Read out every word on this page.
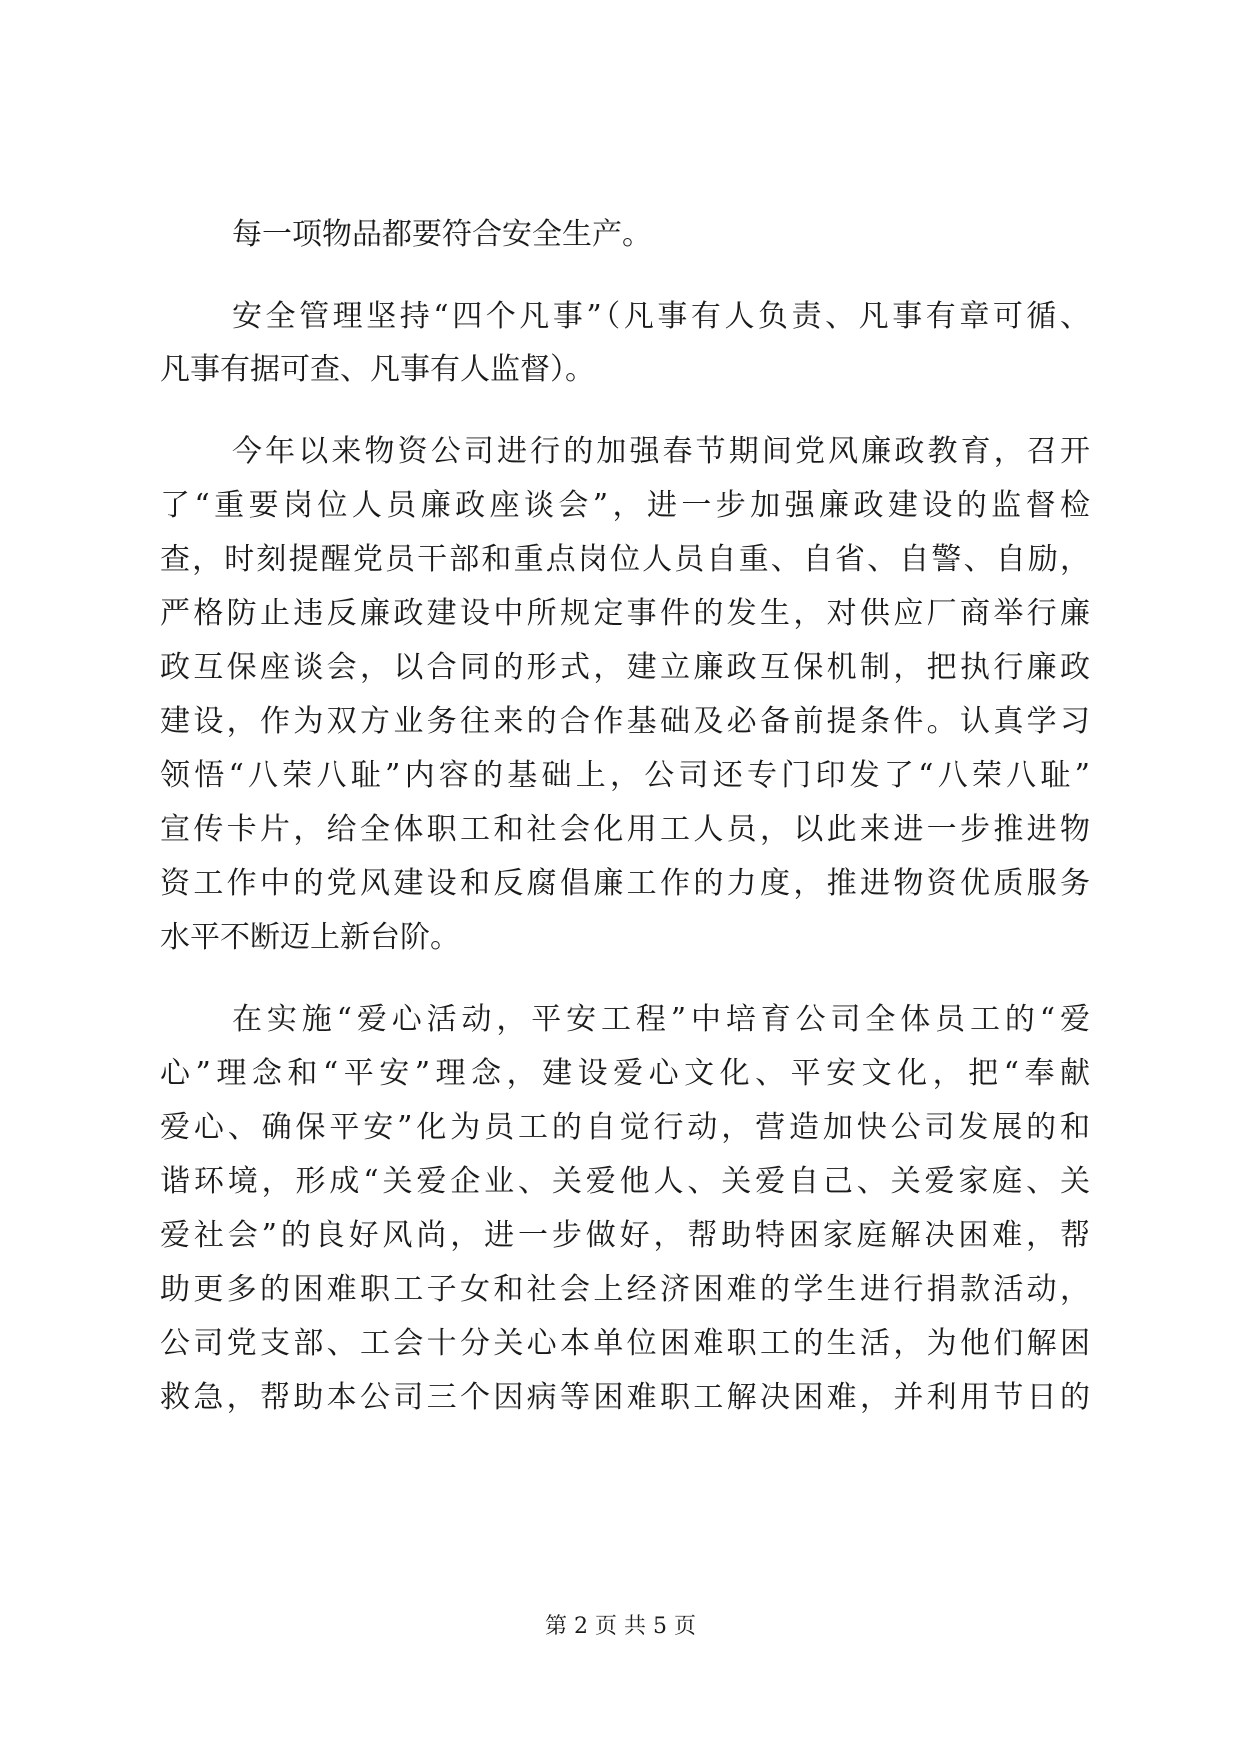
每一项物品都要符合安全生产。
安全管理坚持“四个凡事”（凡事有人负责、凡事有章可循、
凡事有据可查、凡事有人监督）。
今年以来物资公司进行的加强春节期间党风廉政教育，召开
了“重要岗位人员廉政座谈会”，进一步加强廉政建设的监督检
查，时刻提醒党员干部和重点岗位人员自重、自省、自警、自励，
严格防止违反廉政建设中所规定事件的发生，对供应厂商举行廉
政互保座谈会，以合同的形式，建立廉政互保机制，把执行廉政
建设，作为双方业务往来的合作基础及必备前提条件。认真学习
领悟“八荣八耻”内容的基础上，公司还专门印发了“八荣八耻”
宣传卡片，给全体职工和社会化用工人员，以此来进一步推进物
资工作中的党风建设和反腐倡廉工作的力度，推进物资优质服务
水平不断迈上新台阶。
在实施“爱心活动，平安工程”中培育公司全体员工的“爱
心”理念和“平安”理念，建设爱心文化、平安文化，把“奉献
爱心、确保平安”化为员工的自觉行动，营造加快公司发展的和
谐环境，形成“关爱企业、关爱他人、关爱自己、关爱家庭、关
爱社会”的良好风尚，进一步做好，帮助特困家庭解决困难，帮
助更多的困难职工子女和社会上经济困难的学生进行捐款活动，
公司党支部、工会十分关心本单位困难职工的生活，为他们解困
救急，帮助本公司三个因病等困难职工解决困难，并利用节日的
第 2 页 共 5 页
